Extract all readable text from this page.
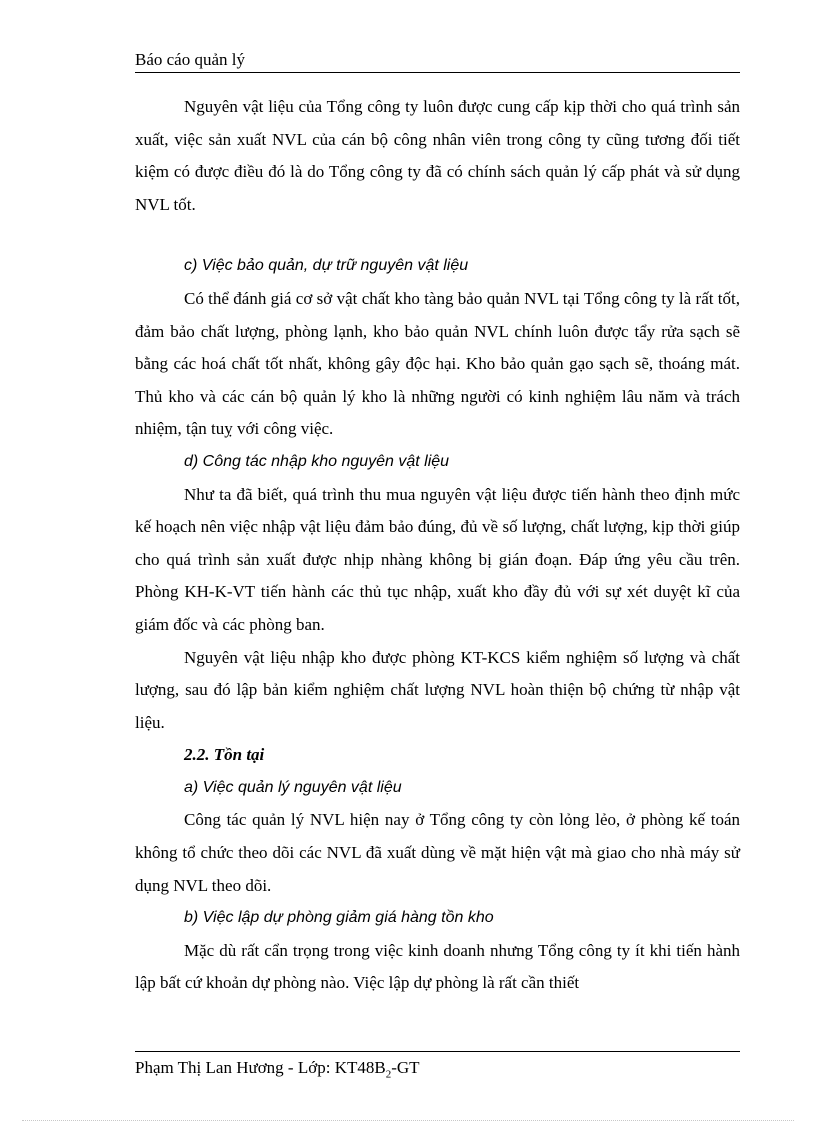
Báo cáo quản lý

Nguyên vật liệu của Tổng công ty luôn được cung cấp kịp thời cho quá trình sản xuất, việc sản xuất NVL của cán bộ công nhân viên trong công ty cũng tương đối tiết kiệm có được điều đó là do Tổng công ty đã có chính sách quản lý cấp phát và sử dụng NVL tốt.

c) Việc bảo quản, dự trữ nguyên vật liệu

Có thể đánh giá cơ sở vật chất kho tàng bảo quản NVL tại Tổng công ty là rất tốt, đảm bảo chất lượng, phòng lạnh, kho bảo quản NVL chính luôn được tẩy rửa sạch sẽ bằng các hoá chất tốt nhất, không gây độc hại. Kho bảo quản gạo sạch sẽ, thoáng mát. Thủ kho và các cán bộ quản lý kho là những người có kinh nghiệm lâu năm và trách nhiệm, tận tuỵ với công việc.

d) Công tác nhập kho nguyên vật liệu

Như ta đã biết, quá trình thu mua nguyên vật liệu được tiến hành theo định mức kế hoạch nên việc nhập vật liệu đảm bảo đúng, đủ về số lượng, chất lượng, kịp thời giúp cho quá trình sản xuất được nhịp nhàng không bị gián đoạn. Đáp ứng yêu cầu trên. Phòng KH-K-VT tiến hành các thủ tục nhập, xuất kho đầy đủ với sự xét duyệt kĩ của giám đốc và các phòng ban.

Nguyên vật liệu nhập kho được phòng KT-KCS kiểm nghiệm số lượng và chất lượng, sau đó lập bản kiểm nghiệm chất lượng NVL hoàn thiện bộ chứng từ nhập vật liệu.

2.2. Tồn tại

a) Việc quản lý nguyên vật liệu

Công tác quản lý NVL hiện nay ở Tổng công ty còn lỏng lẻo, ở phòng kế toán không tổ chức theo dõi các NVL đã xuất dùng về mặt hiện vật mà giao cho nhà máy sử dụng NVL theo dõi.

b) Việc lập dự phòng giảm giá hàng tồn kho

Mặc dù rất cẩn trọng trong việc kinh doanh nhưng Tổng công ty ít khi tiến hành lập bất cứ khoản dự phòng nào. Việc lập dự phòng là rất cần thiết

Phạm Thị Lan Hương - Lớp: $KT48B_2-GT$
